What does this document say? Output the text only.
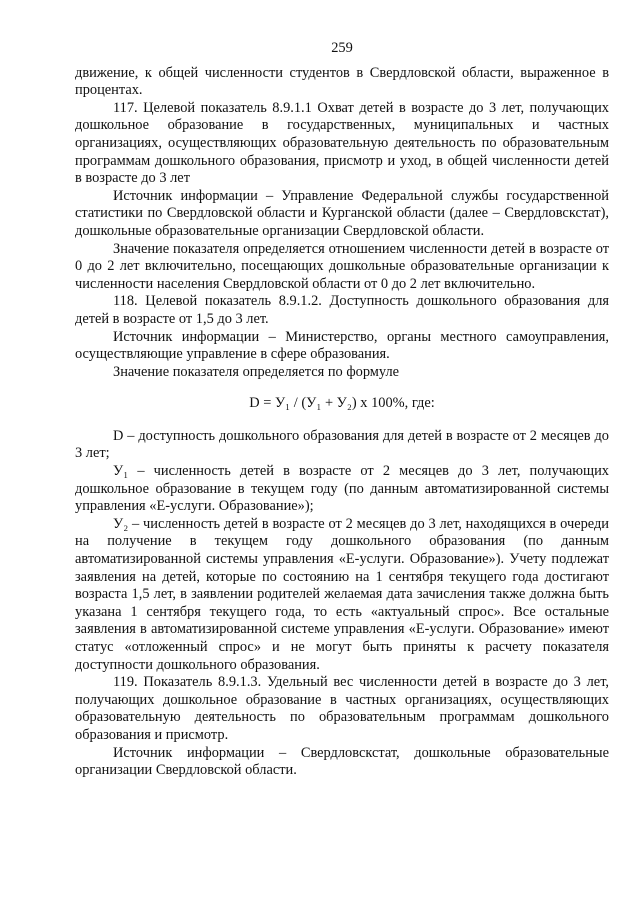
259

движение, к общей численности студентов в Свердловской области, выраженное в процентах.

117. Целевой показатель 8.9.1.1 Охват детей в возрасте до 3 лет, получающих дошкольное образование в государственных, муниципальных и частных организациях, осуществляющих образовательную деятельность по образовательным программам дошкольного образования, присмотр и уход, в общей численности детей в возрасте до 3 лет

Источник информации – Управление Федеральной службы государственной статистики по Свердловской области и Курганской области (далее – Свердловскстат), дошкольные образовательные организации Свердловской области.

Значение показателя определяется отношением численности детей в возрасте от 0 до 2 лет включительно, посещающих дошкольные образовательные организации к численности населения Свердловской области от 0 до 2 лет включительно.

118. Целевой показатель 8.9.1.2. Доступность дошкольного образования для детей в возрасте от 1,5 до 3 лет.

Источник информации – Министерство, органы местного самоуправления, осуществляющие управление в сфере образования.

Значение показателя определяется по формуле

D = У₁ / (У₁ + У₂) x 100%, где:

D – доступность дошкольного образования для детей в возрасте от 2 месяцев до 3 лет;

У₁ – численность детей в возрасте от 2 месяцев до 3 лет, получающих дошкольное образование в текущем году (по данным автоматизированной системы управления «Е-услуги. Образование»);

У₂ – численность детей в возрасте от 2 месяцев до 3 лет, находящихся в очереди на получение в текущем году дошкольного образования (по данным автоматизированной системы управления «Е-услуги. Образование»). Учету подлежат заявления на детей, которые по состоянию на 1 сентября текущего года достигают возраста 1,5 лет, в заявлении родителей желаемая дата зачисления также должна быть указана 1 сентября текущего года, то есть «актуальный спрос». Все остальные заявления в автоматизированной системе управления «Е-услуги. Образование» имеют статус «отложенный спрос» и не могут быть приняты к расчету показателя доступности дошкольного образования.

119. Показатель 8.9.1.3. Удельный вес численности детей в возрасте до 3 лет, получающих дошкольное образование в частных организациях, осуществляющих образовательную деятельность по образовательным программам дошкольного образования и присмотр.

Источник информации – Свердловскстат, дошкольные образовательные организации Свердловской области.
